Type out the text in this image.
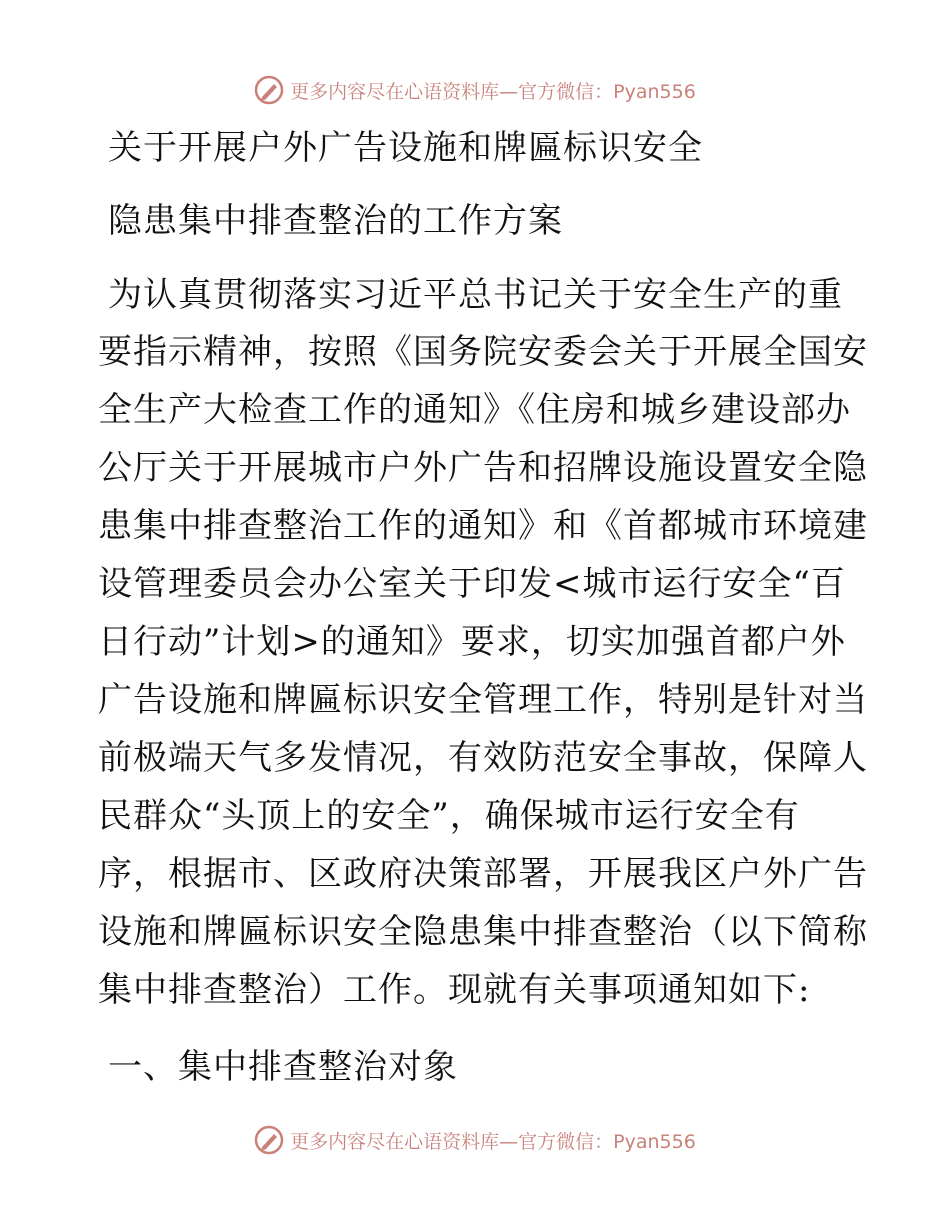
更多内容尽在心语资料库—官方微信：Pyan556
关于开展户外广告设施和牌匾标识安全
隐患集中排查整治的工作方案
为认真贯彻落实习近平总书记关于安全生产的重
要指示精神，按照《国务院安委会关于开展全国安
全生产大检查工作的通知》《住房和城乡建设部办
公厅关于开展城市户外广告和招牌设施设置安全隐
患集中排查整治工作的通知》和《首都城市环境建
设管理委员会办公室关于印发<城市运行安全“百
日行动”计划>的通知》要求，切实加强首都户外
广告设施和牌匾标识安全管理工作，特别是针对当
前极端天气多发情况，有效防范安全事故，保障人
民群众“头顶上的安全”，确保城市运行安全有
序，根据市、区政府决策部署，开展我区户外广告
设施和牌匾标识安全隐患集中排查整治（以下简称
集中排查整治）工作。现就有关事项通知如下:
一、集中排查整治对象
更多内容尽在心语资料库—官方微信：Pyan556
